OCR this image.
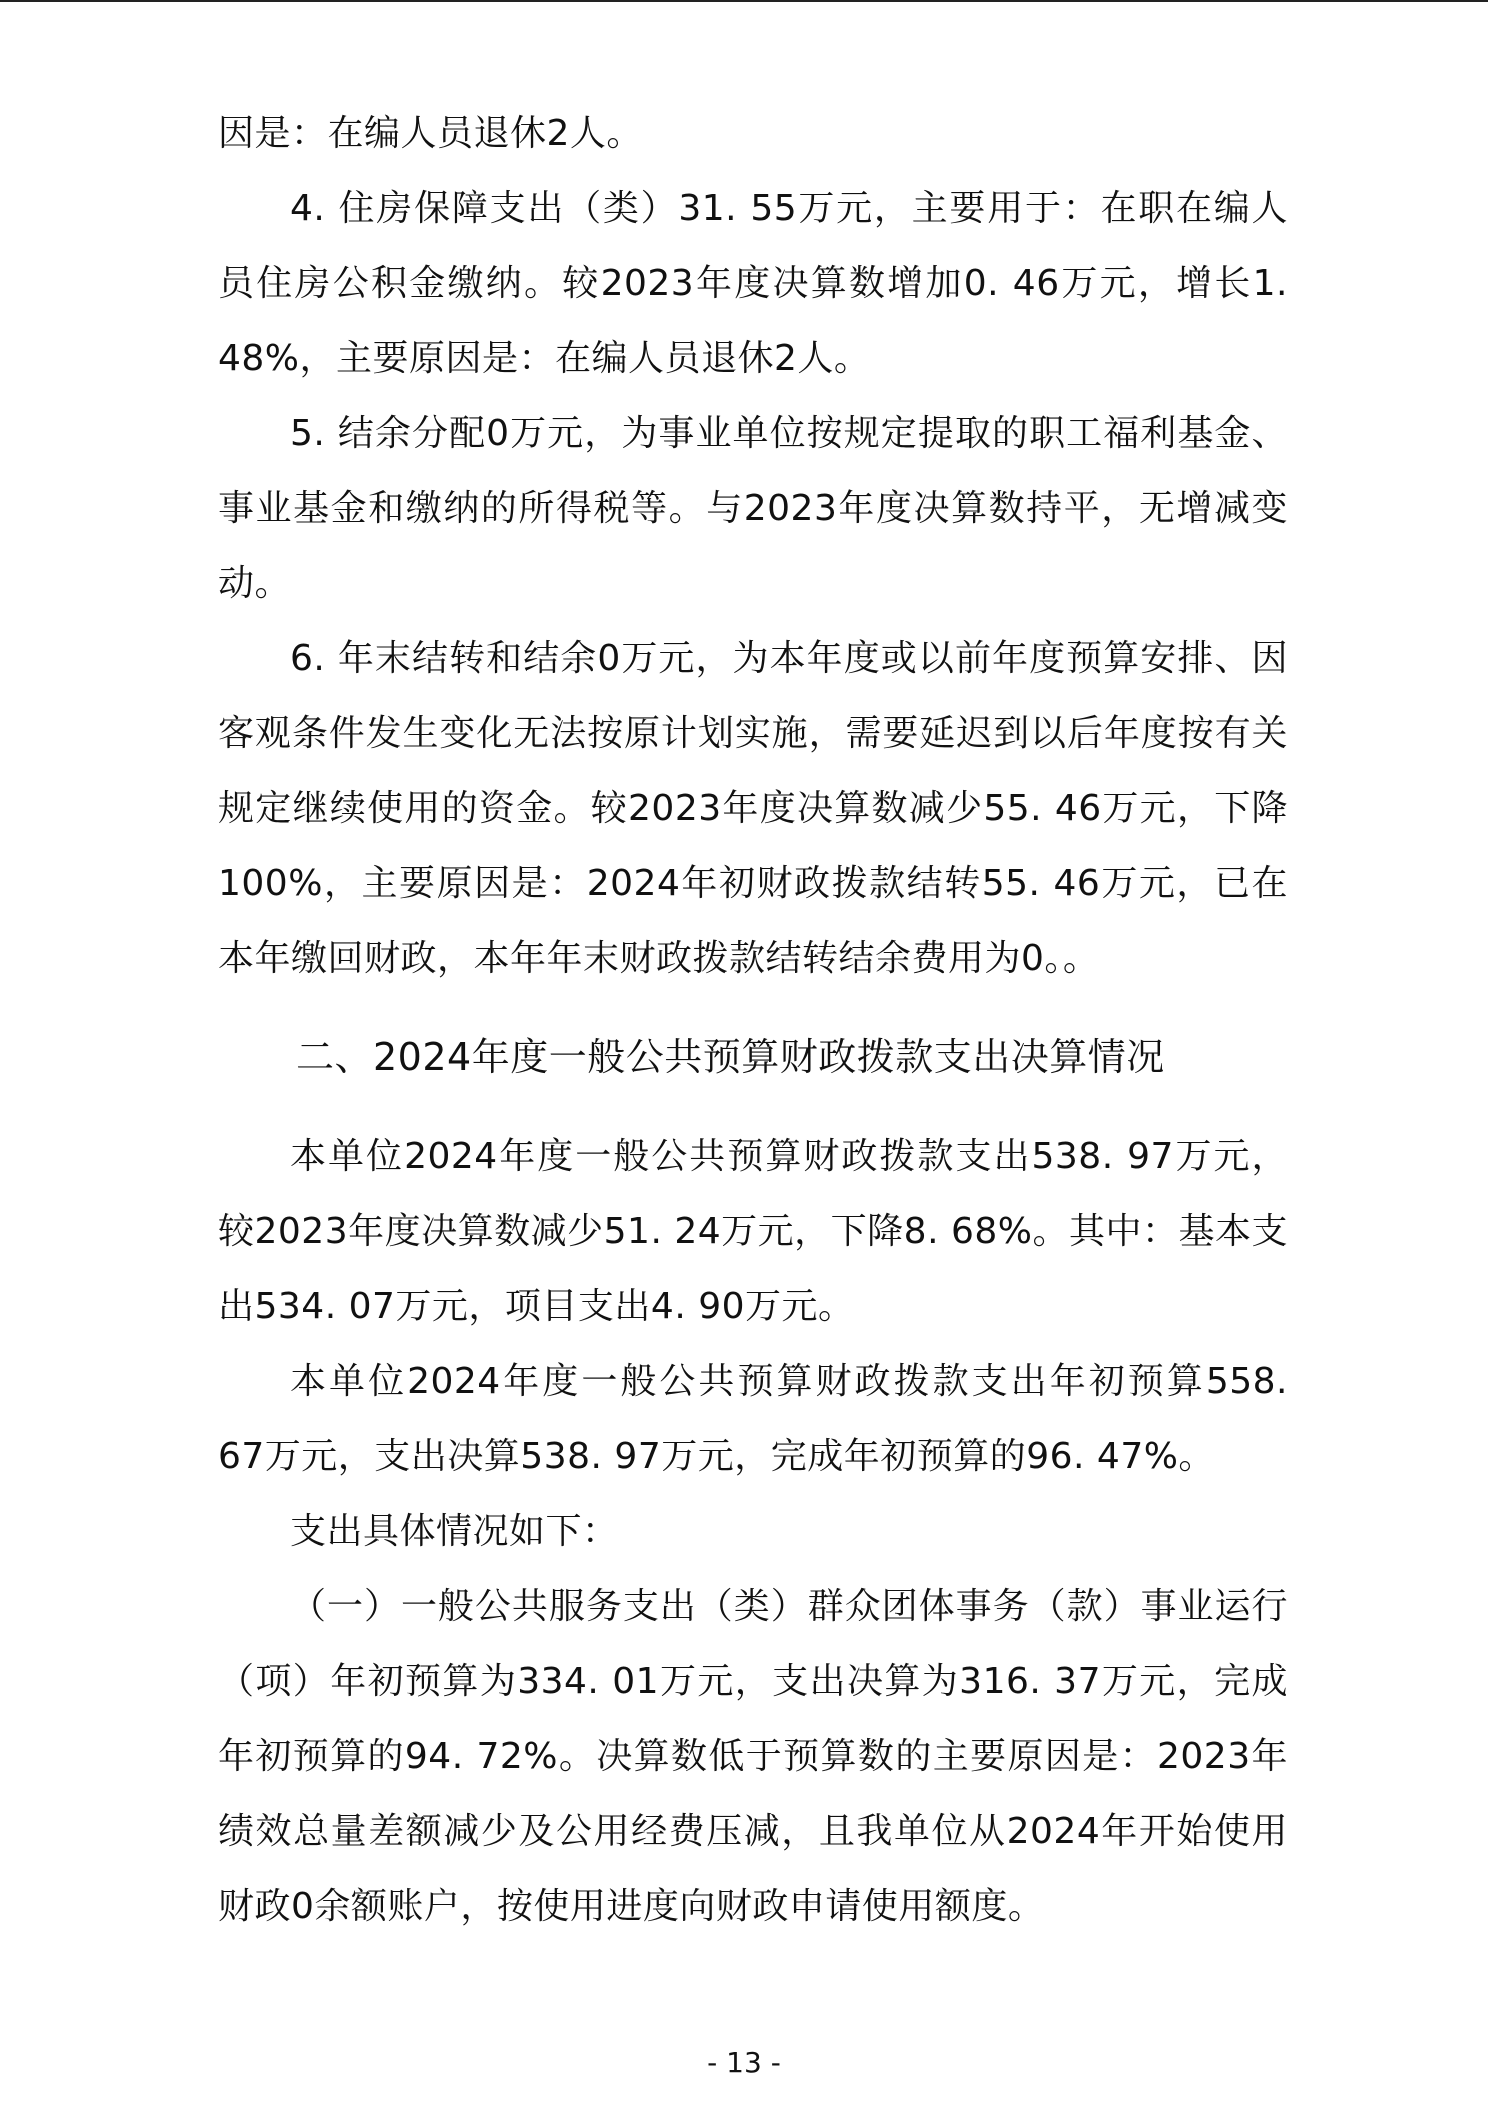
因是：在编人员退休2人。

4. 住房保障支出（类）31. 55万元，主要用于：在职在编人员住房公积金缴纳。较2023年度决算数增加0. 46万元，增长1. 48%，主要原因是：在编人员退休2人。

5. 结余分配0万元，为事业单位按规定提取的职工福利基金、事业基金和缴纳的所得税等。与2023年度决算数持平，无增减变动。

6. 年末结转和结余0万元，为本年度或以前年度预算安排、因客观条件发生变化无法按原计划实施，需要延迟到以后年度按有关规定继续使用的资金。较2023年度决算数减少55. 46万元，下降100%，主要原因是：2024年初财政拨款结转55. 46万元，已在本年缴回财政，本年年末财政拨款结转结余费用为0。。

二、2024年度一般公共预算财政拨款支出决算情况

本单位2024年度一般公共预算财政拨款支出538. 97万元，较2023年度决算数减少51. 24万元，下降8. 68%。其中：基本支出534. 07万元，项目支出4. 90万元。

本单位2024年度一般公共预算财政拨款支出年初预算558. 67万元，支出决算538. 97万元，完成年初预算的96. 47%。

支出具体情况如下：

（一）一般公共服务支出（类）群众团体事务（款）事业运行（项）年初预算为334. 01万元，支出决算为316. 37万元，完成年初预算的94. 72%。决算数低于预算数的主要原因是：2023年绩效总量差额减少及公用经费压减，且我单位从2024年开始使用财政0余额账户，按使用进度向财政申请使用额度。

- 13 -
